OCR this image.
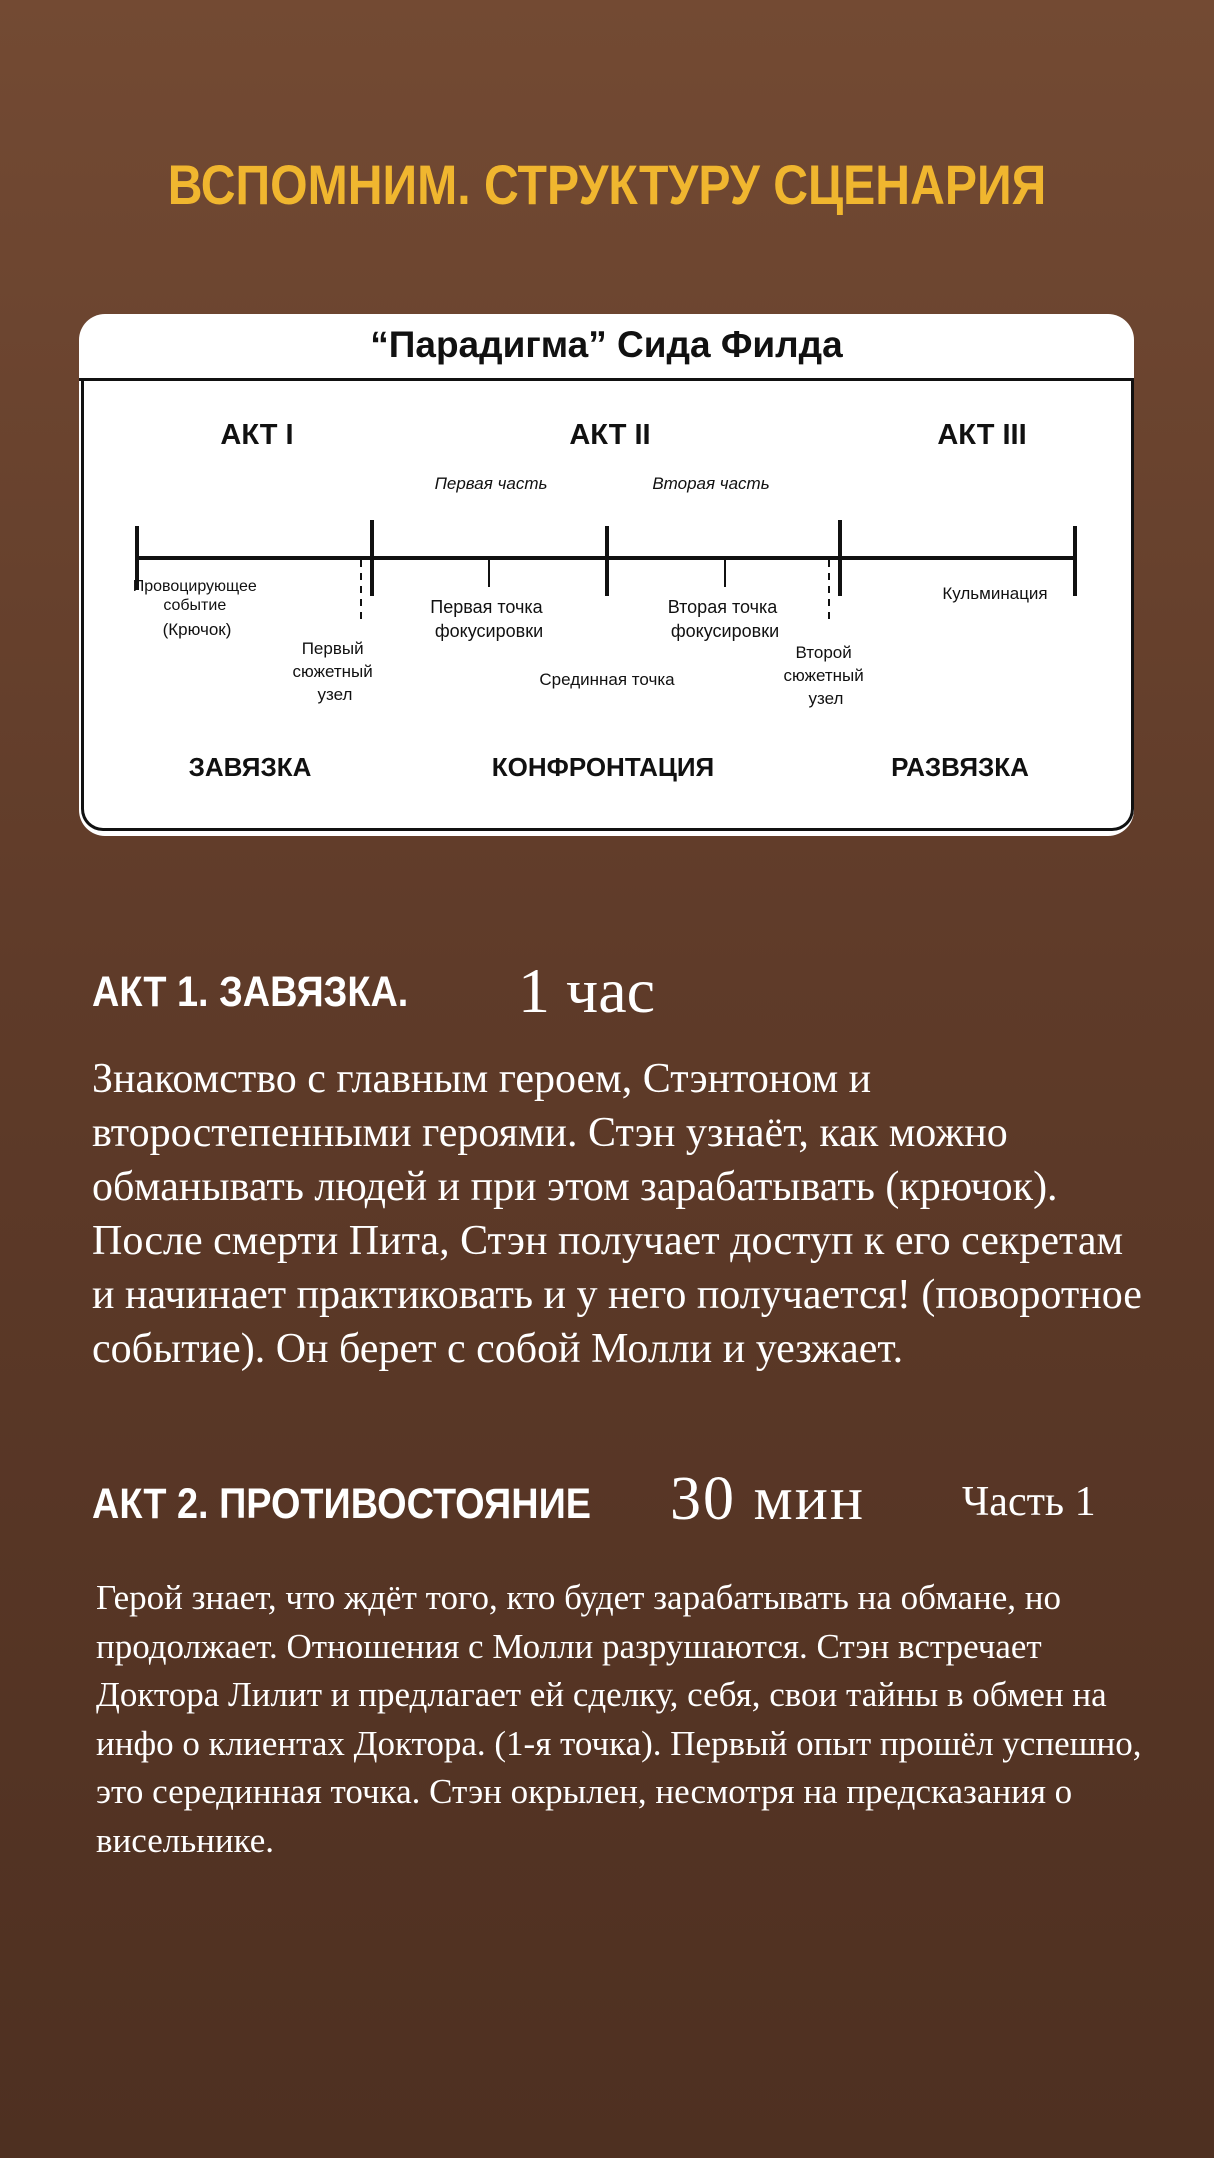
ВСПОМНИМ. СТРУКТУРУ СЦЕНАРИЯ
“Парадигма” Сида Филда
АКТ I	АКТ II	АКТ III
Первая часть	Вторая часть
Провоцирующее событие (Крючок)
Первый сюжетный узел
Первая точка фокусировки
Срединная точка
Вторая точка фокусировки
Второй сюжетный узел
Кульминация
ЗАВЯЗКА	КОНФРОНТАЦИЯ	РАЗВЯЗКА
АКТ 1. ЗАВЯЗКА. 1 час

Знакомство с главным героем, Стэнтоном и второстепенными героями. Стэн узнаёт, как можно обманывать людей и при этом зарабатывать (крючок). После смерти Пита, Стэн получает доступ к его секретам и начинает практиковать и у него получается! (поворотное событие). Он берет с собой Молли и уезжает.

АКТ 2. ПРОТИВОСТОЯНИЕ 30 мин Часть 1

Герой знает, что ждёт того, кто будет зарабатывать на обмане, но продолжает. Отношения с Молли разрушаются. Стэн встречает Доктора Лилит и предлагает ей сделку, себя, свои тайны в обмен на инфо о клиентах Доктора. (1-я точка). Первый опыт прошёл успешно, это серединная точка. Стэн окрылен, несмотря на предсказания о висельнике.
